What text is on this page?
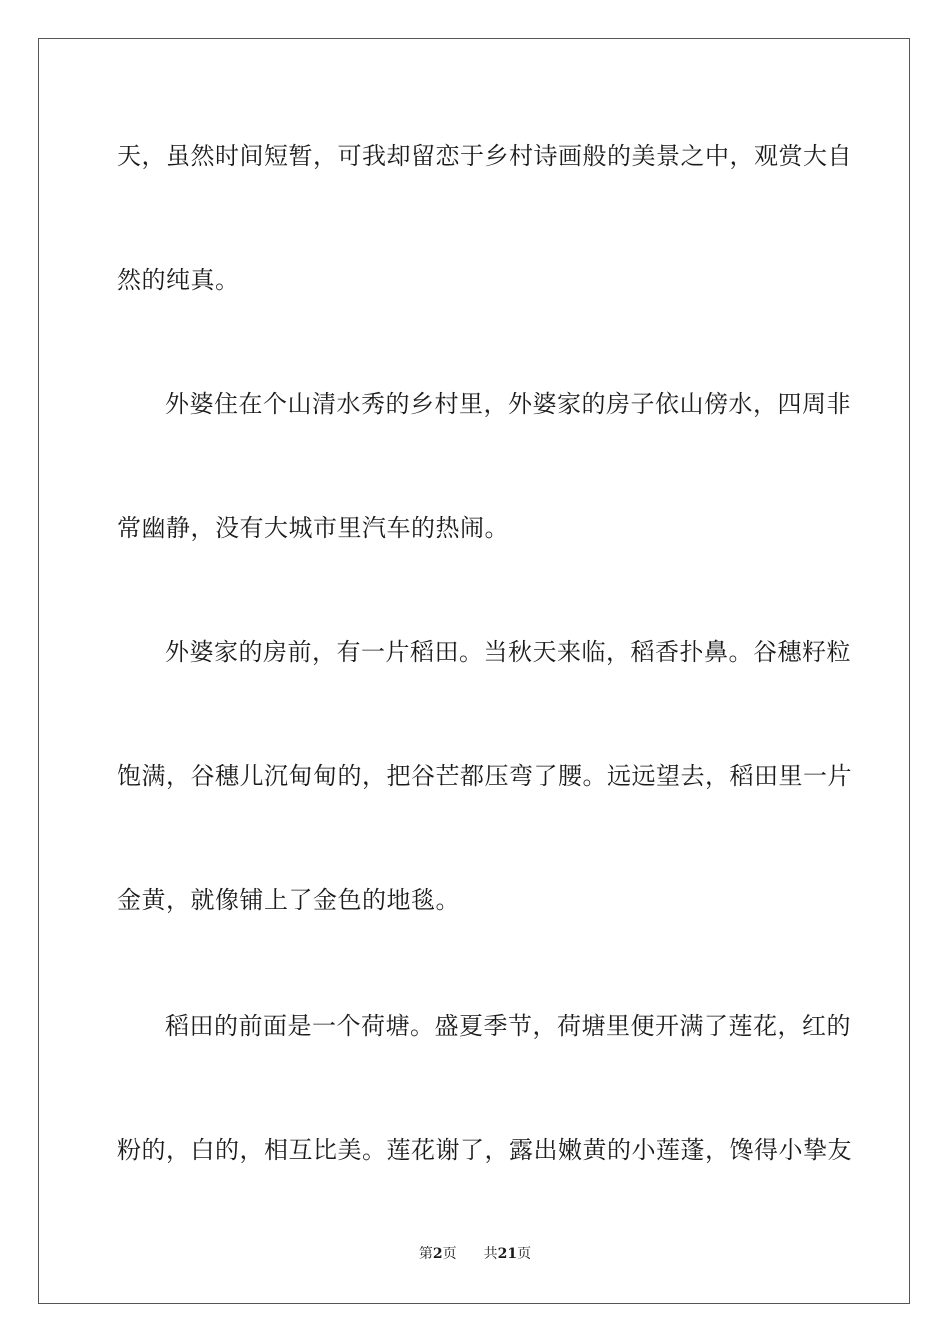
天，虽然时间短暂，可我却留恋于乡村诗画般的美景之中，观赏大自
然的纯真。
外婆住在个山清水秀的乡村里，外婆家的房子依山傍水，四周非
常幽静，没有大城市里汽车的热闹。
外婆家的房前，有一片稻田。当秋天来临，稻香扑鼻。谷穗籽粒
饱满，谷穗儿沉甸甸的，把谷芒都压弯了腰。远远望去，稻田里一片
金黄，就像铺上了金色的地毯。
稻田的前面是一个荷塘。盛夏季节，荷塘里便开满了莲花，红的
粉的，白的，相互比美。莲花谢了，露出嫩黄的小莲蓬，馋得小挚友
第2页 共21页
